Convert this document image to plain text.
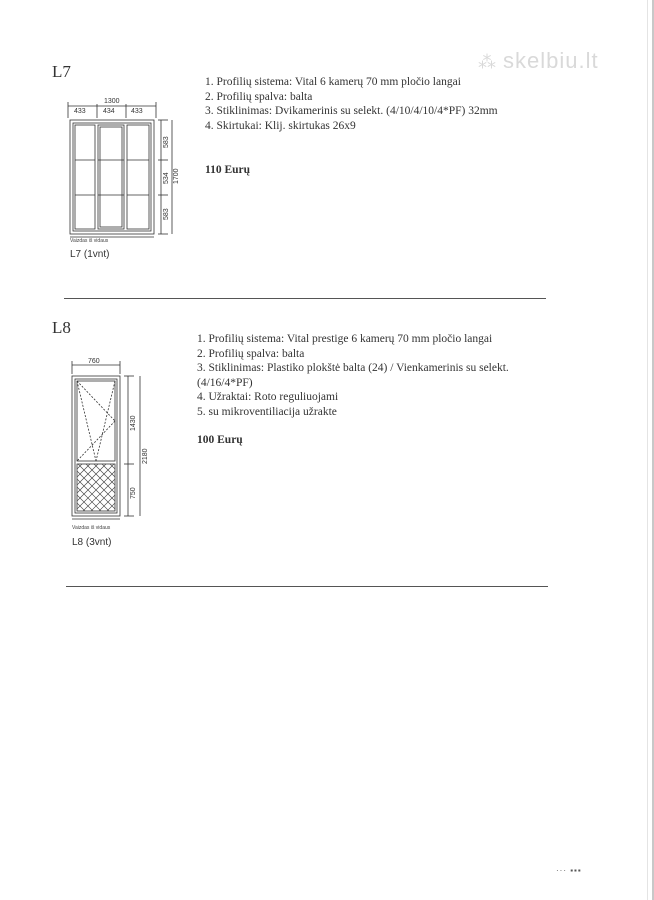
⁂ skelbiu.lt
L7
1300
433 434 433
583
534 1700
583
Vaizdas iš vidaus
L7 (1vnt)
1. Profilių sistema: Vital 6 kamerų 70 mm pločio langai
2. Profilių spalva: balta
3. Stiklinimas: Dvikamerinis su selekt. (4/10/4/10/4*PF) 32mm
4. Skirtukai: Klij. skirtukas 26x9
110 Eurų
L8
760
1430
2180
750
Vaizdas iš vidaus
L8 (3vnt)
1. Profilių sistema: Vital prestige 6 kamerų 70 mm pločio langai
2. Profilių spalva: balta
3. Stiklinimas: Plastiko plokštė balta (24) / Vienkamerinis su selekt.
(4/16/4*PF)
4. Užraktai: Roto reguliuojami
5. su mikroventiliacija užrakte
100 Eurų
··· ▪▪▪
